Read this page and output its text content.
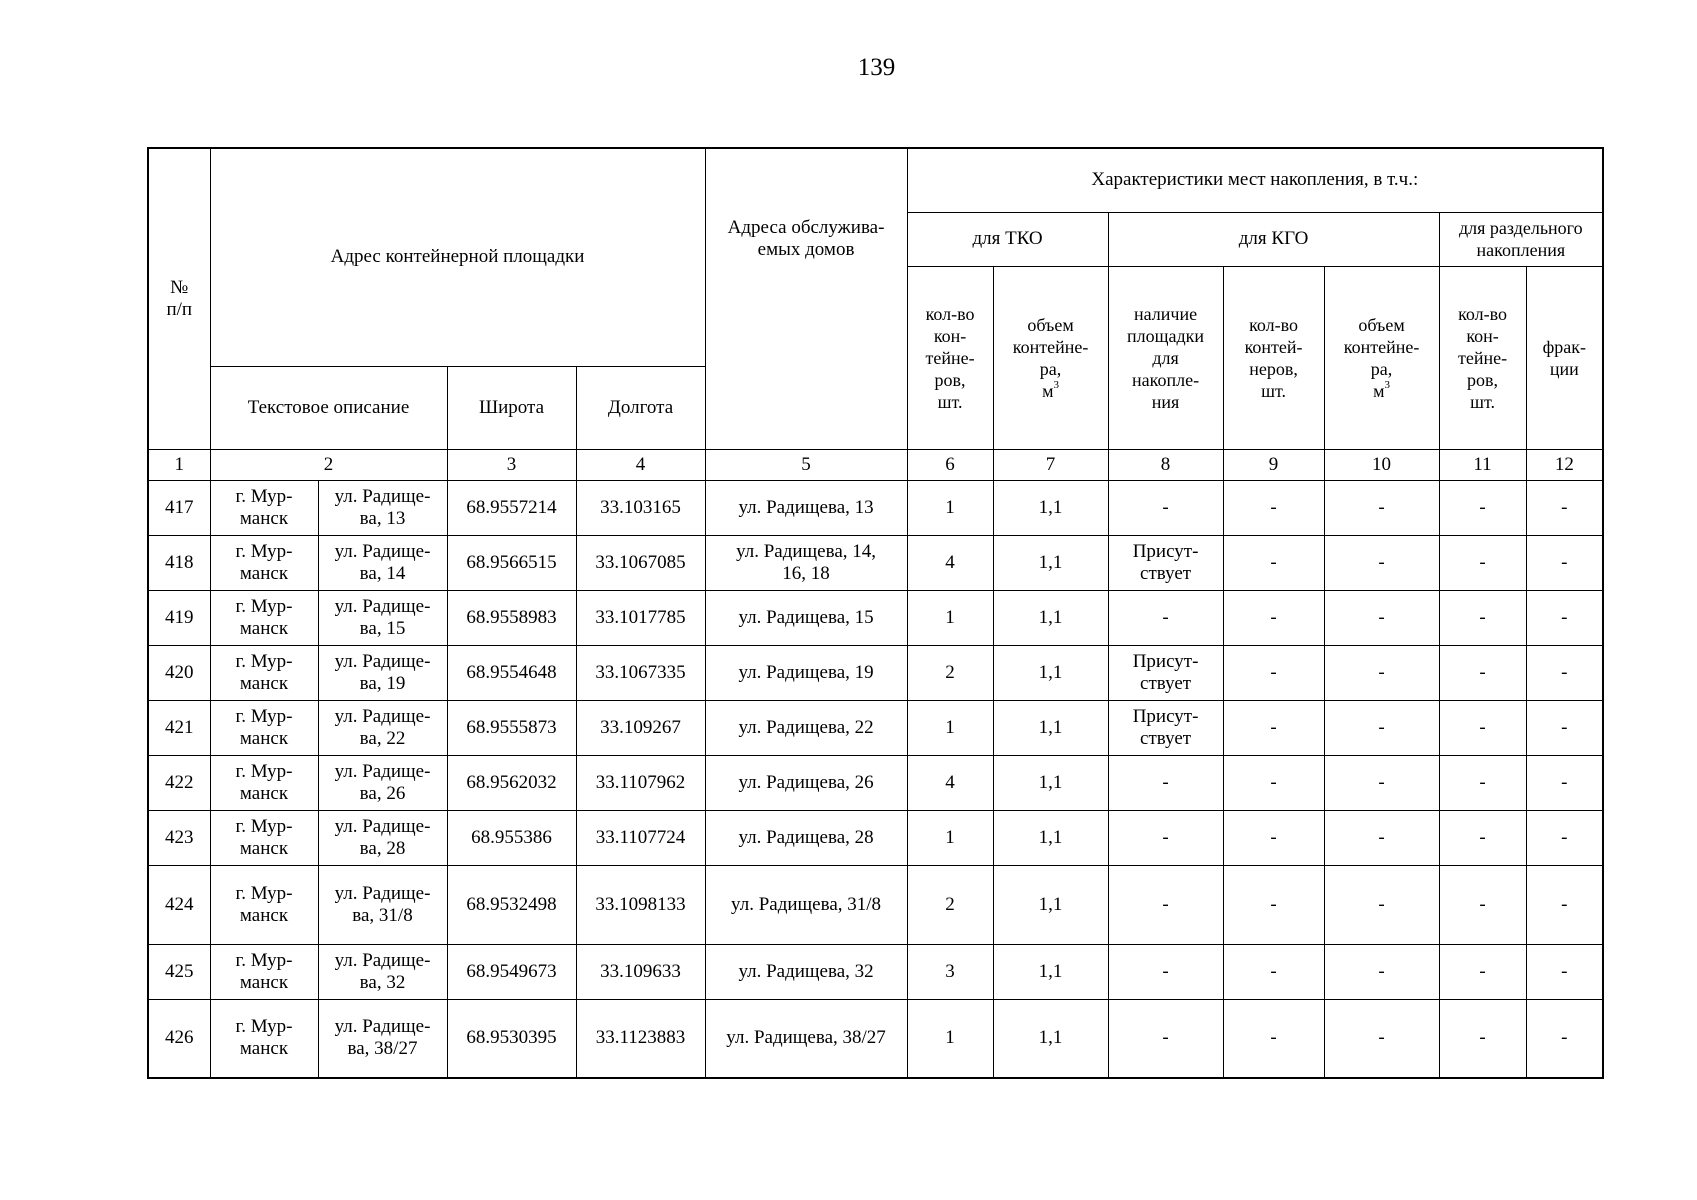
139
№
п/п	Адрес контейнерной площадки				Адреса обслужива-
емых домов	Характеристики мест накопления, в т.ч.:						
						для ТКО		для КГО			для раздельного
накопления	
						кол-во
кон-
тейне-
ров,
шт.	объем
контейне-
ра,
$м^3$	наличие
площадки
для
накопле-
ния	кол-во
контей-
неров,
шт.	объем
контейне-
ра,
$м^3$	кол-во
кон-
тейне-
ров,
шт.	фрак-
ции
	Текстовое описание		Широта	Долгота								
1	2		3	4	5	6	7	8	9	10	11	12
417	г. Мур-
манск	ул. Радище-
ва, 13	68.9557214	33.103165	ул. Радищева, 13	1	1,1	-	-	-	-	-
418	г. Мур-
манск	ул. Радище-
ва, 14	68.9566515	33.1067085	ул. Радищева, 14,
16, 18	4	1,1	Присут-
ствует	-	-	-	-
419	г. Мур-
манск	ул. Радище-
ва, 15	68.9558983	33.1017785	ул. Радищева, 15	1	1,1	-	-	-	-	-
420	г. Мур-
манск	ул. Радище-
ва, 19	68.9554648	33.1067335	ул. Радищева, 19	2	1,1	Присут-
ствует	-	-	-	-
421	г. Мур-
манск	ул. Радище-
ва, 22	68.9555873	33.109267	ул. Радищева, 22	1	1,1	Присут-
ствует	-	-	-	-
422	г. Мур-
манск	ул. Радище-
ва, 26	68.9562032	33.1107962	ул. Радищева, 26	4	1,1	-	-	-	-	-
423	г. Мур-
манск	ул. Радище-
ва, 28	68.955386	33.1107724	ул. Радищева, 28	1	1,1	-	-	-	-	-
424	г. Мур-
манск	ул. Радище-
ва, 31/8	68.9532498	33.1098133	ул. Радищева, 31/8	2	1,1	-	-	-	-	-
425	г. Мур-
манск	ул. Радище-
ва, 32	68.9549673	33.109633	ул. Радищева, 32	3	1,1	-	-	-	-	-
426	г. Мур-
манск	ул. Радище-
ва, 38/27	68.9530395	33.1123883	ул. Радищева, 38/27	1	1,1	-	-	-	-	-
